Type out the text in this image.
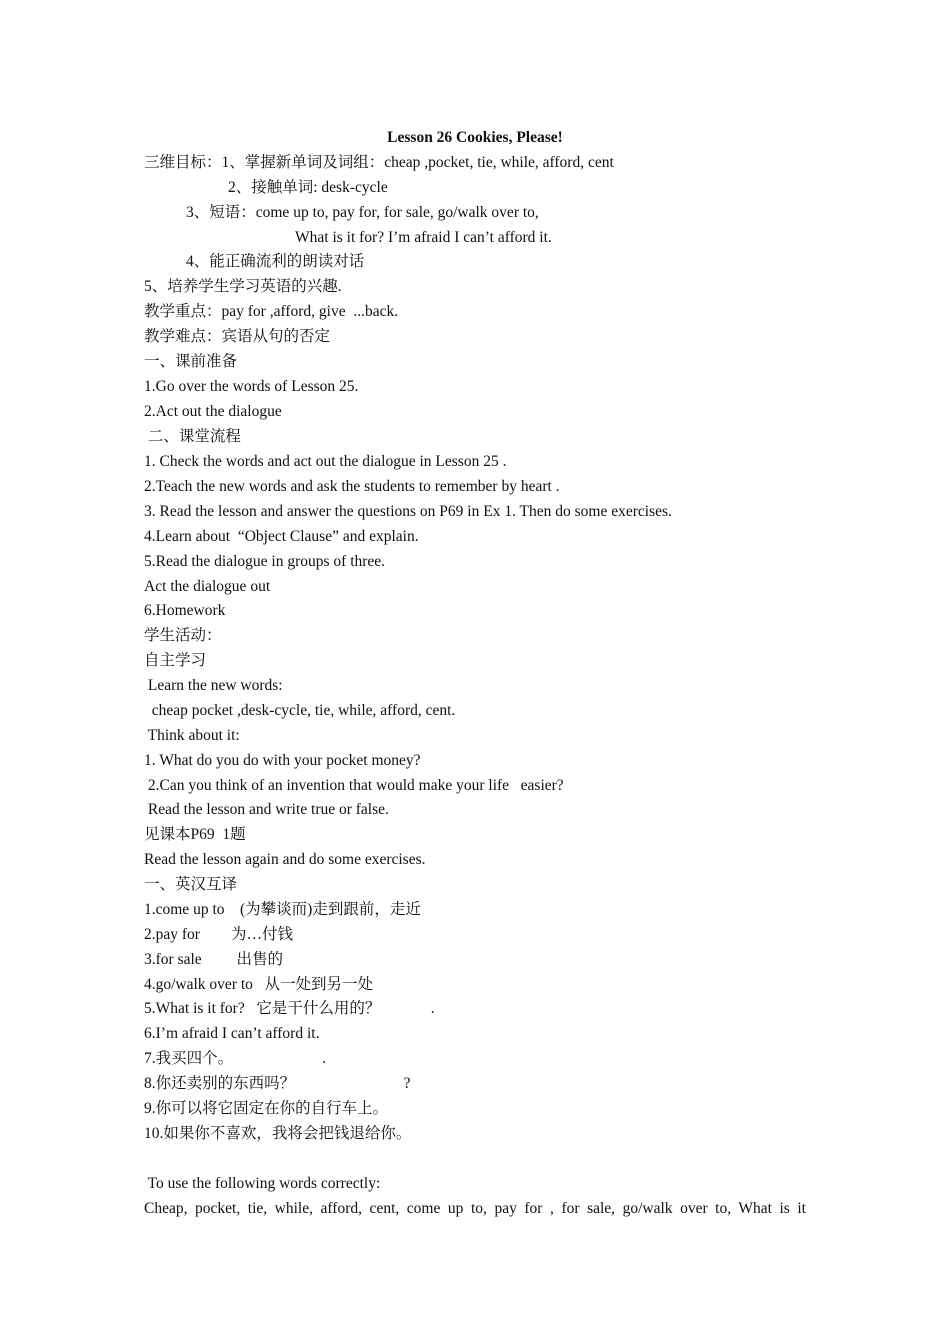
Lesson 26 Cookies, Please!

三维目标：1、掌握新单词及词组：cheap ,pocket, tie, while, afford, cent

2、接触单词: desk-cycle

3、短语：come up to, pay for, for sale, go/walk over to,

What is it for? I’m afraid I can’t afford it.

4、能正确流利的朗读对话

5、培养学生学习英语的兴趣.

教学重点：pay for ,afford, give  ...back.

教学难点：宾语从句的否定

一、课前准备

1.Go over the words of Lesson 25.

2.Act out the dialogue

二、课堂流程

1. Check the words and act out the dialogue in Lesson 25 .

2.Teach the new words and ask the students to remember by heart .

3. Read the lesson and answer the questions on P69 in Ex 1. Then do some exercises.

4.Learn about  “Object Clause” and explain.

5.Read the dialogue in groups of three.

Act the dialogue out

6.Homework

学生活动：

自主学习

Learn the new words:

cheap pocket ,desk-cycle, tie, while, afford, cent.

Think about it:

1. What do you do with your pocket money?

2.Can you think of an invention that would make your life   easier?

Read the lesson and write true or false.

见课本P69  1题

Read the lesson again and do some exercises.

一、英汉互译

1.come up to    (为攀谈而)走到跟前，走近

2.pay for        为…付钱

3.for sale         出售的

4.go/walk over to   从一处到另一处

5.What is it for?   它是干什么用的？             .

6.I’m afraid I can’t afford it.

7.我买四个。                       .

8.你还卖别的东西吗？                            ?

9.你可以将它固定在你的自行车上。

10.如果你不喜欢，我将会把钱退给你。

To use the following words correctly:

Cheap, pocket, tie, while, afford, cent, come up to, pay for , for sale, go/walk over to, What is it
